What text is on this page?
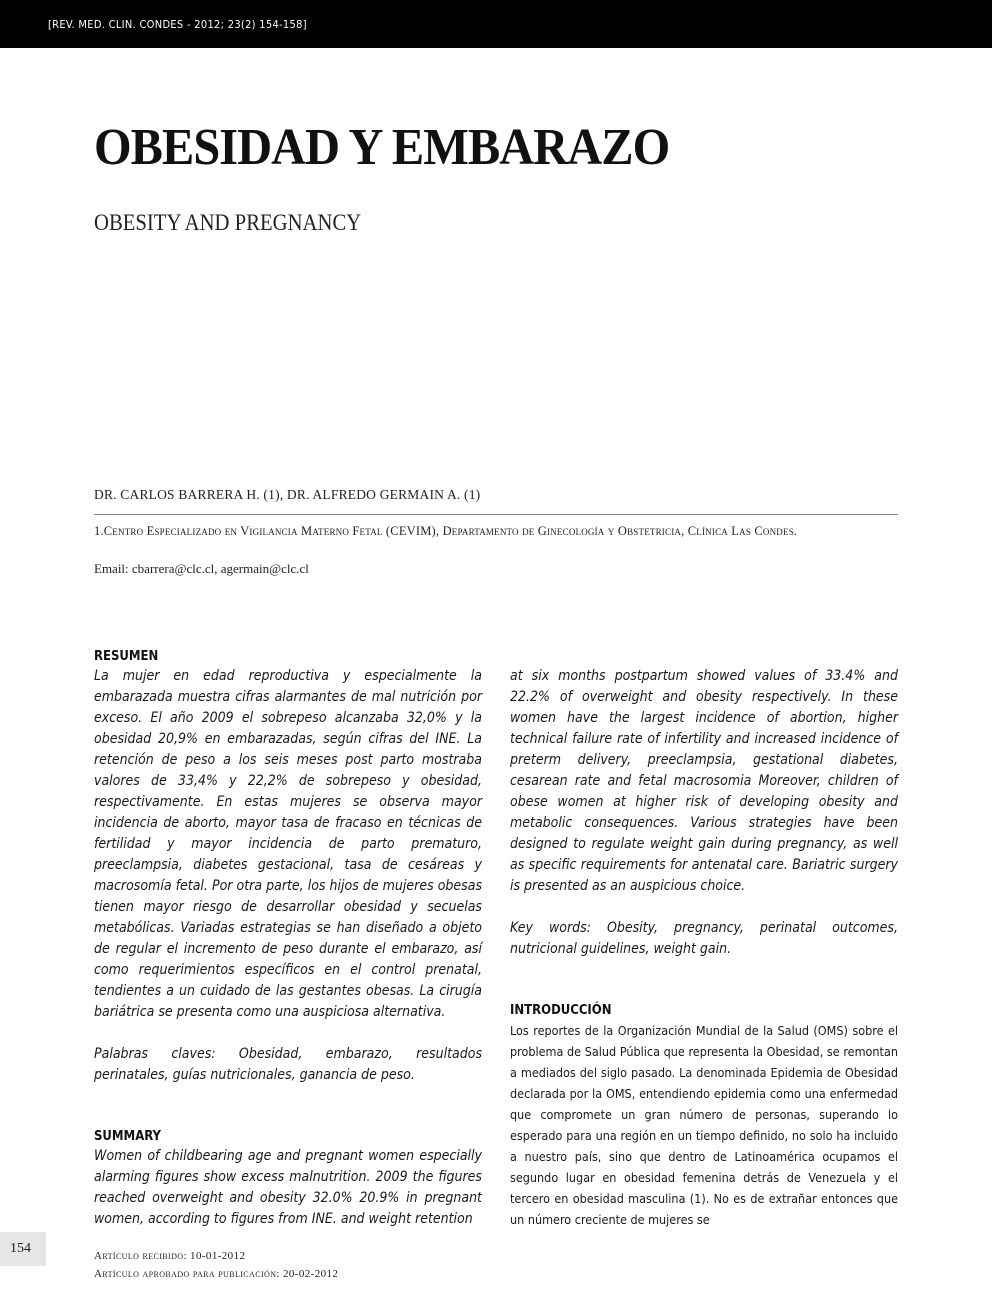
[REV. MED. CLIN. CONDES - 2012; 23(2) 154-158]
OBESIDAD Y EMBARAZO
OBESITY AND PREGNANCY
DR. CARLOS BARRERA H. (1), DR. ALFREDO GERMAIN A. (1)
1.Centro Especializado en Vigilancia Materno Fetal (CEVIM), Departamento de Ginecología y Obstetricia, Clínica Las Condes.
Email: cbarrera@clc.cl, agermain@clc.cl

RESUMEN

La mujer en edad reproductiva y especialmente la embarazada muestra cifras alarmantes de mal nutrición por exceso. El año 2009 el sobrepeso alcanzaba 32,0% y la obesidad 20,9% en embarazadas, según cifras del INE. La retención de peso a los seis meses post parto mostraba valores de 33,4% y 22,2% de sobrepeso y obesidad, respectivamente. En estas mujeres se observa mayor incidencia de aborto, mayor tasa de fracaso en técnicas de fertilidad y mayor incidencia de parto prematuro, preeclampsia, diabetes gestacional, tasa de cesáreas y macrosomía fetal. Por otra parte, los hijos de mujeres obesas tienen mayor riesgo de desarrollar obesidad y secuelas metabólicas. Variadas estrategias se han diseñado a objeto de regular el incremento de peso durante el embarazo, así como requerimientos específicos en el control prenatal, tendientes a un cuidado de las gestantes obesas. La cirugía bariátrica se presenta como una auspiciosa alternativa.

Palabras claves: Obesidad, embarazo, resultados perinatales, guías nutricionales, ganancia de peso.

SUMMARY

Women of childbearing age and pregnant women especially alarming figures show excess malnutrition. 2009 the figures reached overweight and obesity 32.0% 20.9% in pregnant women, according to figures from INE. and weight retention

at six months postpartum showed values of 33.4% and 22.2% of overweight and obesity respectively. In these women have the largest incidence of abortion, higher technical failure rate of infertility and increased incidence of preterm delivery, preeclampsia, gestational diabetes, cesarean rate and fetal macrosomia Moreover, children of obese women at higher risk of developing obesity and metabolic consequences. Various strategies have been designed to regulate weight gain during pregnancy, as well as specific requirements for antenatal care. Bariatric surgery is presented as an auspicious choice.

Key words: Obesity, pregnancy, perinatal outcomes, nutricional guidelines, weight gain.

INTRODUCCIÓN

Los reportes de la Organización Mundial de la Salud (OMS) sobre el problema de Salud Pública que representa la Obesidad, se remontan a mediados del siglo pasado. La denominada Epidemia de Obesidad declarada por la OMS, entendiendo epidemia como una enfermedad que compromete un gran número de personas, superando lo esperado para una región en un tiempo definido, no solo ha incluido a nuestro país, sino que dentro de Latinoamérica ocupamos el segundo lugar en obesidad femenina detrás de Venezuela y el tercero en obesidad masculina (1). No es de extrañar entonces que un número creciente de mujeres se

154	Artículo recibido: 10-01-2012
Artículo aprobado para publicación: 20-02-2012
